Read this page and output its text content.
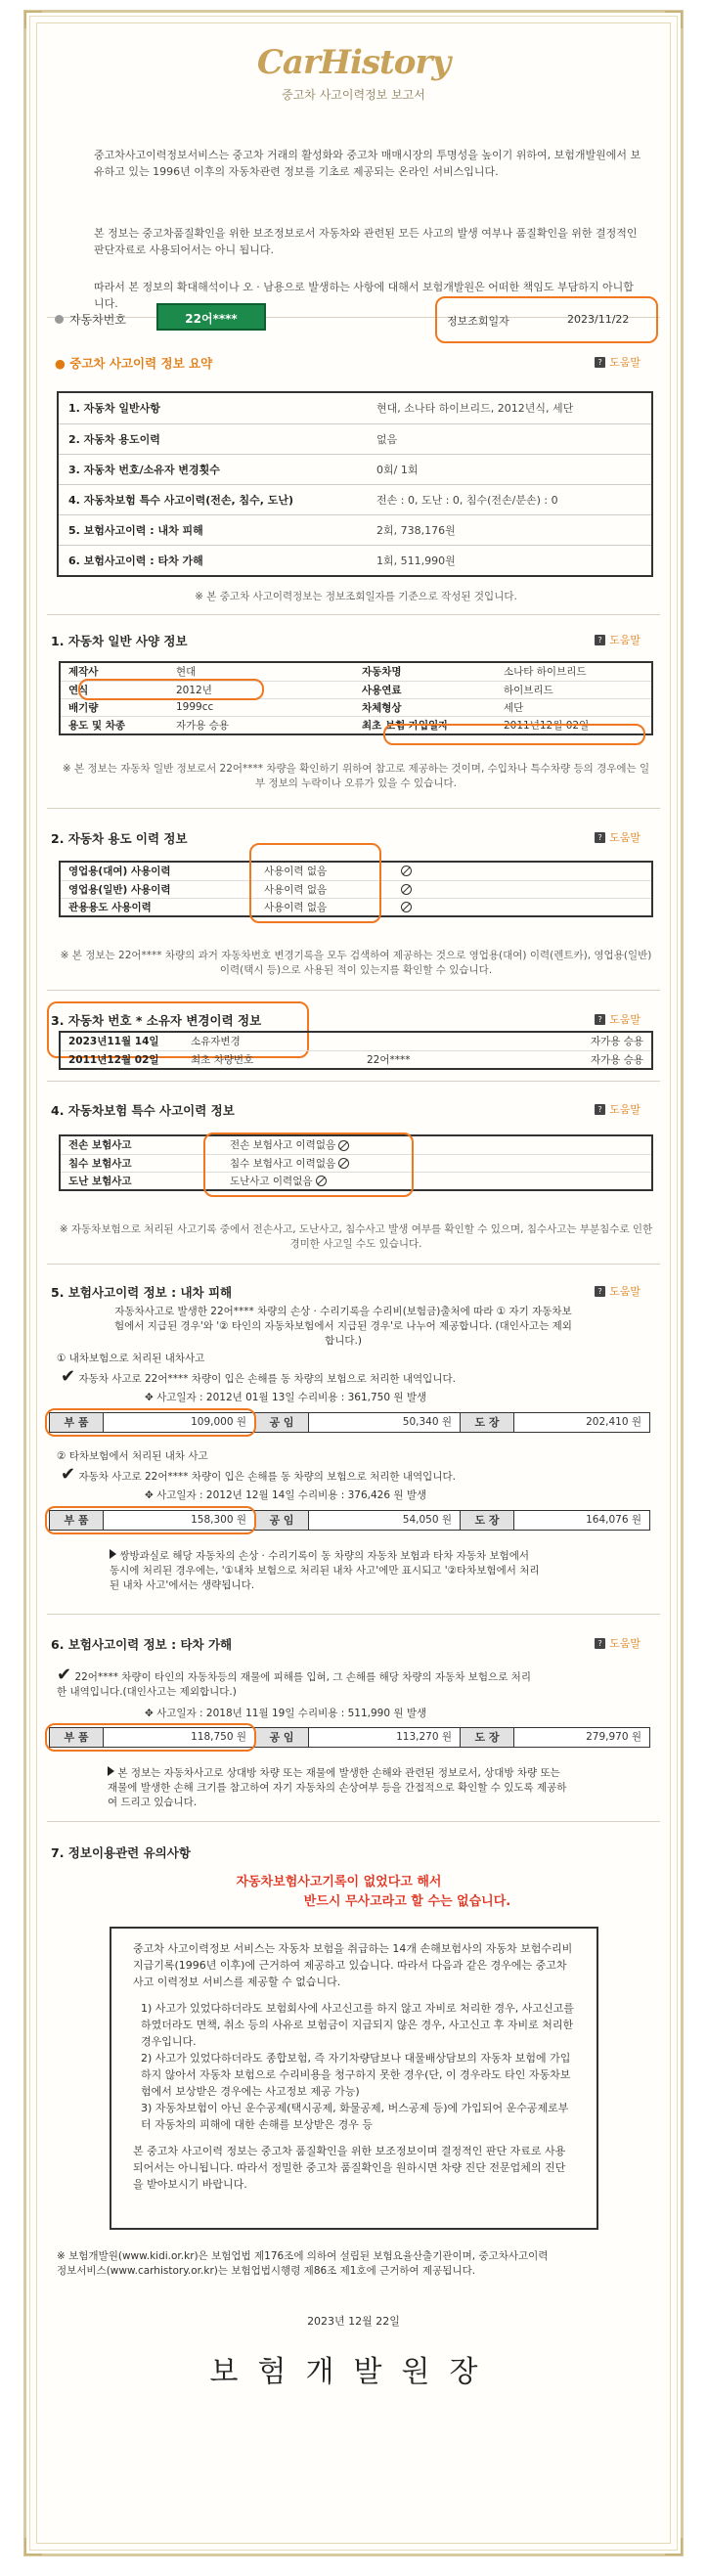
CarHistory
중고차 사고이력정보 보고서
중고차사고이력정보서비스는 중고차 거래의 활성화와 중고차 매매시장의 투명성을 높이기 위하여, 보험개발원에서 보유하고 있는 1996년 이후의 자동차관련 정보를 기초로 제공되는 온라인 서비스입니다.
본 정보는 중고차품질확인을 위한 보조정보로서 자동차와 관련된 모든 사고의 발생 여부나 품질확인을 위한 결정적인 판단자료로 사용되어서는 아니 됩니다.
따라서 본 정보의 확대해석이나 오 · 남용으로 발생하는 사항에 대해서 보험개발원은 어떠한 책임도 부담하지 아니합니다.
자동차번호	22어****	정보조회일자	2023/11/22
● 중고차 사고이력 정보 요약	? 도움말
1. 자동차 일반사항	현대, 소나타 하이브리드, 2012년식, 세단
2. 자동차 용도이력	없음
3. 자동차 번호/소유자 변경횟수	0회/ 1회
4. 자동차보험 특수 사고이력(전손, 침수, 도난)	전손 : 0, 도난 : 0, 침수(전손/분손) : 0
5. 보험사고이력 : 내차 피해	2회, 738,176원
6. 보험사고이력 : 타차 가해	1회, 511,990원
※ 본 중고차 사고이력정보는 정보조회일자를 기준으로 작성된 것입니다.
1. 자동차 일반 사양 정보	? 도움말
제작사	현대	자동차명	소나타 하이브리드
연식	2012년	사용연료	하이브리드
배기량	1999cc	차체형상	세단
용도 및 차종	자가용 승용	최초 보험 가입일자	2011년12월 02일
※ 본 정보는 자동차 일반 정보로서 22어**** 차량을 확인하기 위하여 참고로 제공하는 것이며, 수입차나 특수차량 등의 경우에는 일부 정보의 누락이나 오류가 있을 수 있습니다.
2. 자동차 용도 이력 정보	? 도움말
영업용(대여) 사용이력	사용이력 없음	
영업용(일반) 사용이력	사용이력 없음	
관용용도 사용이력	사용이력 없음	
※ 본 정보는 22어**** 차량의 과거 자동차번호 변경기록을 모두 검색하여 제공하는 것으로 영업용(대여) 이력(렌트카), 영업용(일반) 이력(택시 등)으로 사용된 적이 있는지를 확인할 수 있습니다.
3. 자동차 번호 * 소유자 변경이력 정보	? 도움말
2023년11월 14일	소유자변경		자가용 승용
2011년12월 02일	최초 차량번호	22어****	자가용 승용
4. 자동차보험 특수 사고이력 정보	? 도움말
전손 보험사고	전손 보험사고 이력없음	
침수 보험사고	침수 보험사고 이력없음	
도난 보험사고	도난사고 이력없음	
※ 자동차보험으로 처리된 사고기록 중에서 전손사고, 도난사고, 침수사고 발생 여부를 확인할 수 있으며, 침수사고는 부분침수로 인한 경미한 사고일 수도 있습니다.
5. 보험사고이력 정보 : 내차 피해	? 도움말
자동차사고로 발생한 22어**** 차량의 손상 · 수리기록을 수리비(보험금)출처에 따라 ① 자기 자동차보험에서 지급된 경우'와 '② 타인의 자동차보험에서 지급된 경우'로 나누어 제공합니다. (대인사고는 제외합니다.)
① 내차보험으로 처리된 내차사고
✔ 자동차 사고로 22어**** 차량이 입은 손해를 동 차량의 보험으로 처리한 내역입니다.
✥ 사고일자 : 2012년 01월 13일 수리비용 : 361,750 원 발생
부 품	109,000 원	공 임	50,340 원	도 장	202,410 원
② 타차보험에서 처리된 내차 사고
✔ 자동차 사고로 22어**** 차량이 입은 손해를 동 차량의 보험으로 처리한 내역입니다.
✥ 사고일자 : 2012년 12월 14일 수리비용 : 376,426 원 발생
부 품	158,300 원	공 임	54,050 원	도 장	164,076 원
쌍방과실로 해당 자동차의 손상 · 수리기록이 동 차량의 자동차 보험과 타차 자동차 보험에서 동시에 처리된 경우에는, '①내차 보험으로 처리된 내차 사고'에만 표시되고 '②타차보험에서 처리된 내차 사고'에서는 생략됩니다.
6. 보험사고이력 정보 : 타차 가해	? 도움말
✔ 22어**** 차량이 타인의 자동차등의 재물에 피해를 입혀, 그 손해를 해당 차량의 자동차 보험으로 처리한 내역입니다.(대인사고는 제외합니다.)
✥ 사고일자 : 2018년 11월 19일 수리비용 : 511,990 원 발생
부 품	118,750 원	공 임	113,270 원	도 장	279,970 원
본 정보는 자동차사고로 상대방 차량 또는 재물에 발생한 손해와 관련된 정보로서, 상대방 차량 또는 재물에 발생한 손해 크기를 참고하여 자기 자동차의 손상여부 등을 간접적으로 확인할 수 있도록 제공하여 드리고 있습니다.
7. 정보이용관련 유의사항
자동차보험사고기록이 없었다고 해서
반드시 무사고라고 할 수는 없습니다.

중고차 사고이력정보 서비스는 자동차 보험을 취급하는 14개 손해보험사의 자동차 보험수리비 지급기록(1996년 이후)에 근거하여 제공하고 있습니다. 따라서 다음과 같은 경우에는 중고차 사고 이력정보 서비스를 제공할 수 없습니다.

1) 사고가 있었다하더라도 보험회사에 사고신고를 하지 않고 자비로 처리한 경우, 사고신고를 하였더라도 면책, 취소 등의 사유로 보험금이 지급되지 않은 경우, 사고신고 후 자비로 처리한 경우입니다.

2) 사고가 있었다하더라도 종합보험, 즉 자기차량담보나 대물배상담보의 자동차 보험에 가입하지 않아서 자동차 보험으로 수리비용을 청구하지 못한 경우(단, 이 경우라도 타인 자동차보험에서 보상받은 경우에는 사고정보 제공 가능)

3) 자동차보험이 아닌 운수공제(택시공제, 화물공제, 버스공제 등)에 가입되어 운수공제로부터 자동차의 피해에 대한 손해를 보상받은 경우 등

본 중고차 사고이력 정보는 중고차 품질확인을 위한 보조정보이며 결정적인 판단 자료로 사용되어서는 아니됩니다. 따라서 정밀한 중고차 품질확인을 원하시면 차량 진단 전문업체의 진단을 받아보시기 바랍니다.

※ 보험개발원(www.kidi.or.kr)은 보험업법 제176조에 의하여 설립된 보험요율산출기관이며, 중고차사고이력정보서비스(www.carhistory.or.kr)는 보험업법시행령 제86조 제1호에 근거하여 제공됩니다.
2023년 12월 22일
보험개발원장
